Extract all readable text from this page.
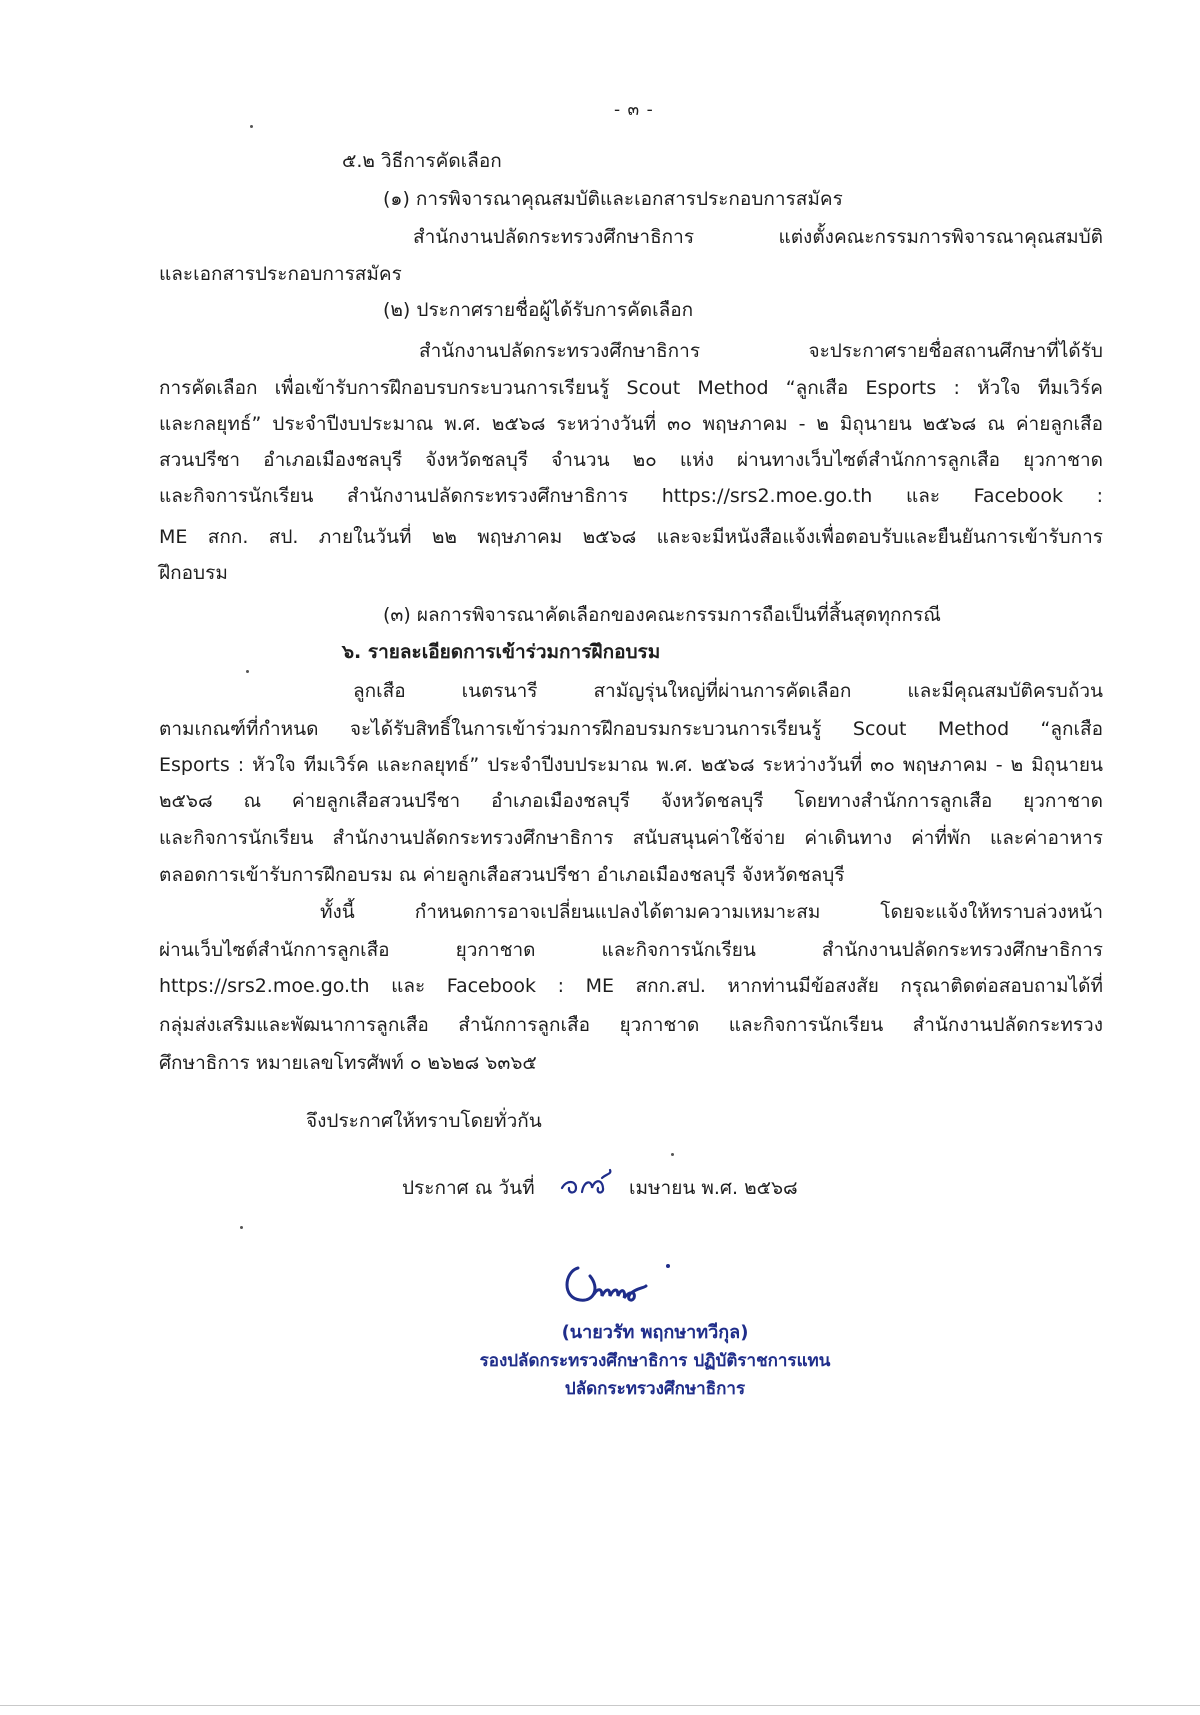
- ๓ -
๕.๒ วิธีการคัดเลือก
(๑) การพิจารณาคุณสมบัติและเอกสารประกอบการสมัคร
สำนักงานปลัดกระทรวงศึกษาธิการ แต่งตั้งคณะกรรมการพิจารณาคุณสมบัติ
และเอกสารประกอบการสมัคร
(๒) ประกาศรายชื่อผู้ได้รับการคัดเลือก
สำนักงานปลัดกระทรวงศึกษาธิการ จะประกาศรายชื่อสถานศึกษาที่ได้รับ
การคัดเลือก เพื่อเข้ารับการฝึกอบรบกระบวนการเรียนรู้ Scout Method “ลูกเสือ Esports : หัวใจ ทีมเวิร์ค
และกลยุทธ์” ประจำปีงบประมาณ พ.ศ. ๒๕๖๘ ระหว่างวันที่ ๓๐ พฤษภาคม - ๒ มิถุนายน ๒๕๖๘ ณ ค่ายลูกเสือ
สวนปรีชา อำเภอเมืองชลบุรี จังหวัดชลบุรี จำนวน ๒๐ แห่ง ผ่านทางเว็บไซต์สำนักการลูกเสือ ยุวกาชาด
และกิจการนักเรียน สำนักงานปลัดกระทรวงศึกษาธิการ https://srs2.moe.go.th และ Facebook :
ME สกก. สป. ภายในวันที่ ๒๒ พฤษภาคม ๒๕๖๘ และจะมีหนังสือแจ้งเพื่อตอบรับและยืนยันการเข้ารับการ
ฝึกอบรม
(๓) ผลการพิจารณาคัดเลือกของคณะกรรมการถือเป็นที่สิ้นสุดทุกกรณี
๖. รายละเอียดการเข้าร่วมการฝึกอบรม
ลูกเสือ เนตรนารี สามัญรุ่นใหญ่ที่ผ่านการคัดเลือก และมีคุณสมบัติครบถ้วน
ตามเกณฑ์ที่กำหนด จะได้รับสิทธิ์ในการเข้าร่วมการฝึกอบรมกระบวนการเรียนรู้ Scout Method “ลูกเสือ
Esports : หัวใจ ทีมเวิร์ค และกลยุทธ์” ประจำปีงบประมาณ พ.ศ. ๒๕๖๘ ระหว่างวันที่ ๓๐ พฤษภาคม - ๒ มิถุนายน
๒๕๖๘ ณ ค่ายลูกเสือสวนปรีชา อำเภอเมืองชลบุรี จังหวัดชลบุรี โดยทางสำนักการลูกเสือ ยุวกาชาด
และกิจการนักเรียน สำนักงานปลัดกระทรวงศึกษาธิการ สนับสนุนค่าใช้จ่าย ค่าเดินทาง ค่าที่พัก และค่าอาหาร
ตลอดการเข้ารับการฝึกอบรม ณ ค่ายลูกเสือสวนปรีชา อำเภอเมืองชลบุรี จังหวัดชลบุรี
ทั้งนี้ กำหนดการอาจเปลี่ยนแปลงได้ตามความเหมาะสม โดยจะแจ้งให้ทราบล่วงหน้า
ผ่านเว็บไซต์สำนักการลูกเสือ ยุวกาชาด และกิจการนักเรียน สำนักงานปลัดกระทรวงศึกษาธิการ
https://srs2.moe.go.th และ Facebook : ME สกก.สป. หากท่านมีข้อสงสัย กรุณาติดต่อสอบถามได้ที่
กลุ่มส่งเสริมและพัฒนาการลูกเสือ สำนักการลูกเสือ ยุวกาชาด และกิจการนักเรียน สำนักงานปลัดกระทรวง
ศึกษาธิการ หมายเลขโทรศัพท์ ๐ ๒๖๒๘ ๖๓๖๕
จึงประกาศให้ทราบโดยทั่วกัน
ประกาศ ณ วันที่	เมษายน พ.ศ. ๒๕๖๘
(นายวรัท พฤกษาทวีกุล)
รองปลัดกระทรวงศึกษาธิการ ปฏิบัติราชการแทน
ปลัดกระทรวงศึกษาธิการ
